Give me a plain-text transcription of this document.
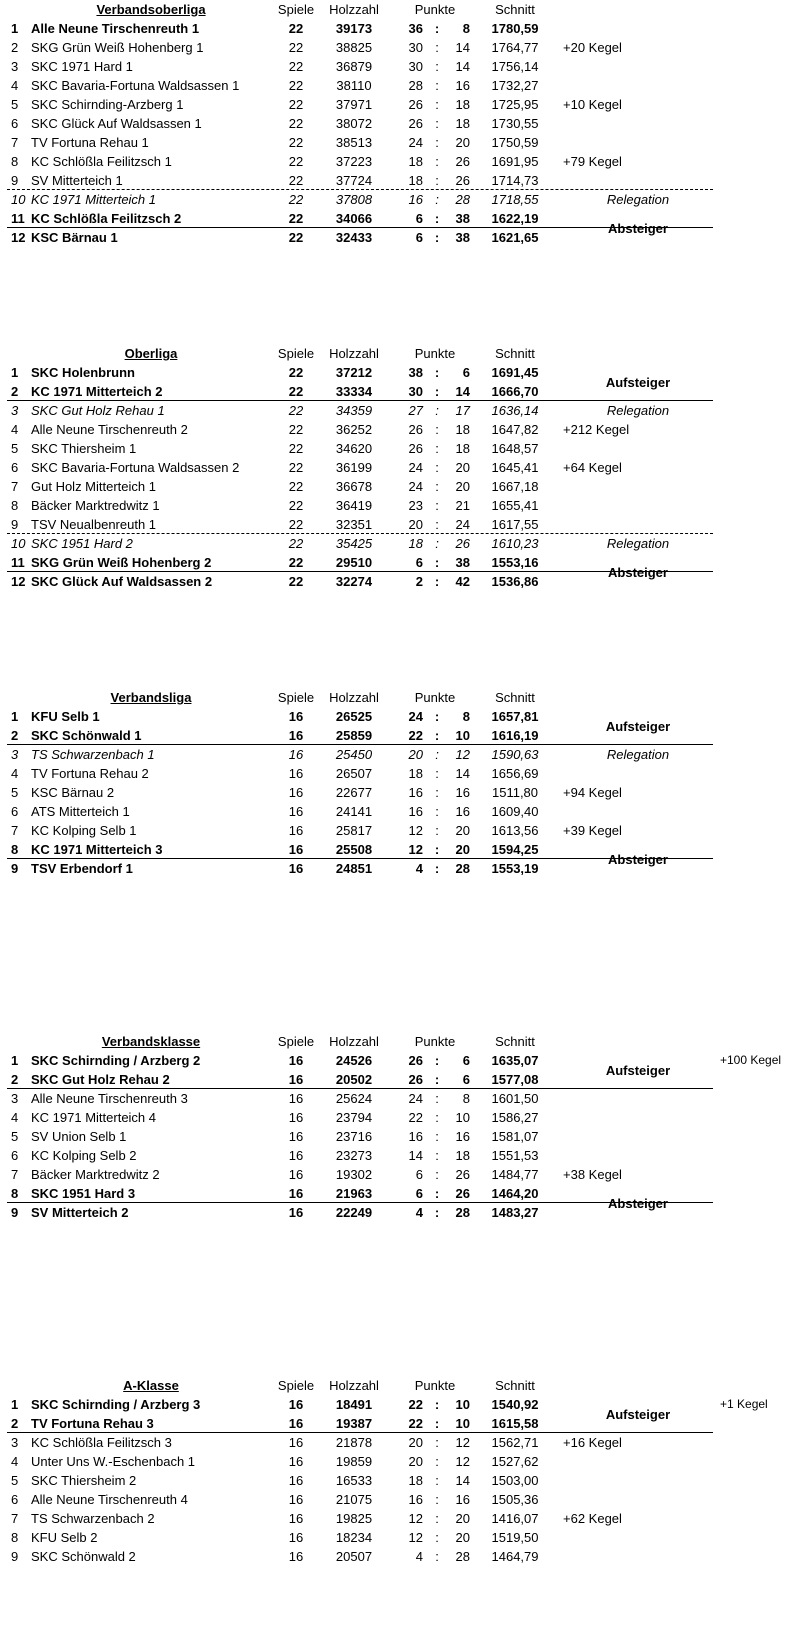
Verbandsoberliga	Spiele	Holzzahl	Punkte	Schnitt
1 Alle Neune Tirschenreuth 1	22	39173	36 :	8	1780,59
2 SKG Grün Weiß Hohenberg 1	22	38825	30 :	14	1764,77	+20 Kegel
3 SKC 1971 Hard 1	22	36879	30 :	14	1756,14
4 SKC Bavaria-Fortuna Waldsassen 1	22	38110	28 :	16	1732,27
5 SKC Schirnding-Arzberg 1	22	37971	26 :	18	1725,95	+10 Kegel
6 SKC Glück Auf Waldsassen 1	22	38072	26 :	18	1730,55
7 TV Fortuna Rehau 1	22	38513	24 :	20	1750,59
8 KC Schlößla Feilitzsch 1	22	37223	18 :	26	1691,95	+79 Kegel
9 SV Mitterteich 1	22	37724	18 :	26	1714,73
10 KC 1971 Mitterteich 1	22	37808	16 :	28	1718,55	Relegation
11 KC Schlößla Feilitzsch 2	22	34066	6 :	38	1622,19
12 KSC Bärnau 1	22	32433	6 :	38	1621,65
Absteiger
Oberliga	Spiele	Holzzahl	Punkte	Schnitt
1 SKC Holenbrunn	22	37212	38 :	6	1691,45
2 KC 1971 Mitterteich 2	22	33334	30 :	14	1666,70
3 SKC Gut Holz Rehau 1	22	34359	27 :	17	1636,14	Relegation
4 Alle Neune Tirschenreuth 2	22	36252	26 :	18	1647,82	+212 Kegel
5 SKC Thiersheim 1	22	34620	26 :	18	1648,57
6 SKC Bavaria-Fortuna Waldsassen 2	22	36199	24 :	20	1645,41	+64 Kegel
7 Gut Holz Mitterteich 1	22	36678	24 :	20	1667,18
8 Bäcker Marktredwitz 1	22	36419	23 :	21	1655,41
9 TSV Neualbenreuth 1	22	32351	20 :	24	1617,55
10 SKC 1951 Hard 2	22	35425	18 :	26	1610,23	Relegation
11 SKG Grün Weiß Hohenberg 2	22	29510	6 :	38	1553,16
12 SKC Glück Auf Waldsassen 2	22	32274	2 :	42	1536,86
Aufsteiger
Absteiger
Verbandsliga	Spiele	Holzzahl	Punkte	Schnitt
1 KFU Selb 1	16	26525	24 :	8	1657,81
2 SKC Schönwald 1	16	25859	22 :	10	1616,19
3 TS Schwarzenbach 1	16	25450	20 :	12	1590,63	Relegation
4 TV Fortuna Rehau 2	16	26507	18 :	14	1656,69
5 KSC Bärnau 2	16	22677	16 :	16	1511,80	+94 Kegel
6 ATS Mitterteich 1	16	24141	16 :	16	1609,40
7 KC Kolping Selb 1	16	25817	12 :	20	1613,56	+39 Kegel
8 KC 1971 Mitterteich 3	16	25508	12 :	20	1594,25
9 TSV Erbendorf 1	16	24851	4 :	28	1553,19
Aufsteiger
Absteiger
Verbandsklasse	Spiele	Holzzahl	Punkte	Schnitt
1 SKC Schirnding / Arzberg 2	16	24526	26 :	6	1635,07	+100 Kegel
2 SKC Gut Holz Rehau 2	16	20502	26 :	6	1577,08
3 Alle Neune Tirschenreuth 3	16	25624	24 :	8	1601,50
4 KC 1971 Mitterteich 4	16	23794	22 :	10	1586,27
5 SV Union Selb 1	16	23716	16 :	16	1581,07
6 KC Kolping Selb 2	16	23273	14 :	18	1551,53
7 Bäcker Marktredwitz 2	16	19302	6 :	26	1484,77	+38 Kegel
8 SKC 1951 Hard 3	16	21963	6 :	26	1464,20
9 SV Mitterteich 2	16	22249	4 :	28	1483,27
Aufsteiger
Absteiger
A-Klasse	Spiele	Holzzahl	Punkte	Schnitt
1 SKC Schirnding / Arzberg 3	16	18491	22 :	10	1540,92	+1 Kegel
2 TV Fortuna Rehau 3	16	19387	22 :	10	1615,58
3 KC Schlößla Feilitzsch 3	16	21878	20 :	12	1562,71	+16 Kegel
4 Unter Uns W.-Eschenbach 1	16	19859	20 :	12	1527,62
5 SKC Thiersheim 2	16	16533	18 :	14	1503,00
6 Alle Neune Tirschenreuth 4	16	21075	16 :	16	1505,36
7 TS Schwarzenbach 2	16	19825	12 :	20	1416,07	+62 Kegel
8 KFU Selb 2	16	18234	12 :	20	1519,50
9 SKC Schönwald 2	16	20507	4 :	28	1464,79
Aufsteiger
